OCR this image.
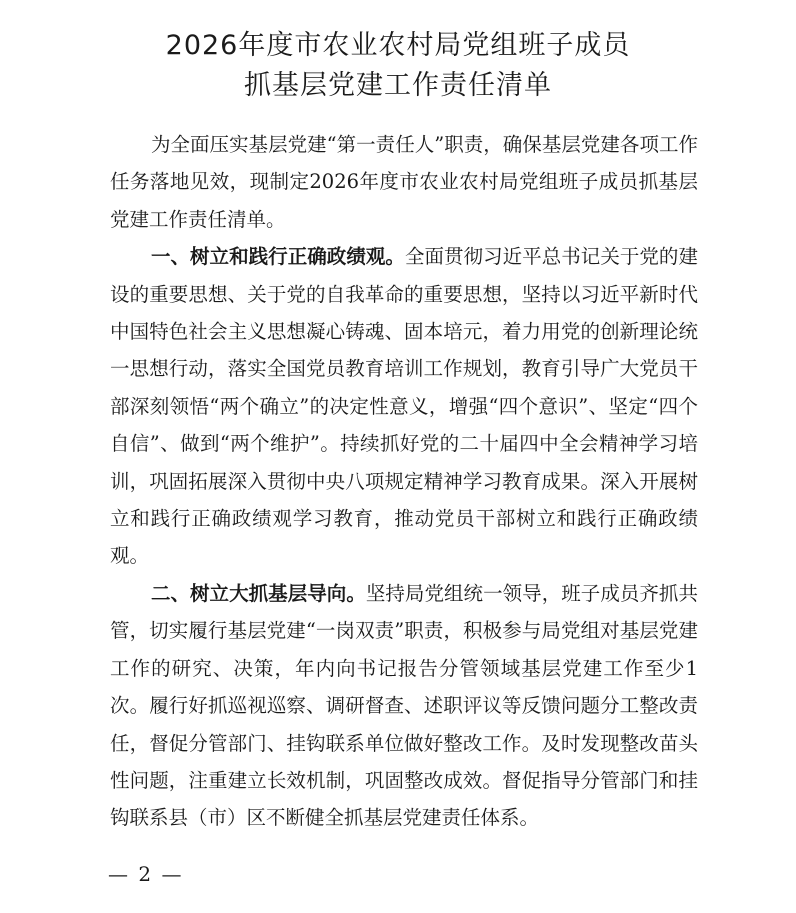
2026年度市农业农村局党组班子成员

抓基层党建工作责任清单

为全面压实基层党建“第一责任人”职责，确保基层党建各项工作任务落地见效，现制定2026年度市农业农村局党组班子成员抓基层党建工作责任清单。

一、树立和践行正确政绩观。全面贯彻习近平总书记关于党的建设的重要思想、关于党的自我革命的重要思想，坚持以习近平新时代中国特色社会主义思想凝心铸魂、固本培元，着力用党的创新理论统一思想行动，落实全国党员教育培训工作规划，教育引导广大党员干部深刻领悟“两个确立”的决定性意义，增强“四个意识”、坚定“四个自信”、做到“两个维护”。持续抓好党的二十届四中全会精神学习培训，巩固拓展深入贯彻中央八项规定精神学习教育成果。深入开展树立和践行正确政绩观学习教育，推动党员干部树立和践行正确政绩观。

二、树立大抓基层导向。坚持局党组统一领导，班子成员齐抓共管，切实履行基层党建“一岗双责”职责，积极参与局党组对基层党建工作的研究、决策，年内向书记报告分管领域基层党建工作至少1次。履行好抓巡视巡察、调研督查、述职评议等反馈问题分工整改责任，督促分管部门、挂钩联系单位做好整改工作。及时发现整改苗头性问题，注重建立长效机制，巩固整改成效。督促指导分管部门和挂钩联系县（市）区不断健全抓基层党建责任体系。

— 2 —
